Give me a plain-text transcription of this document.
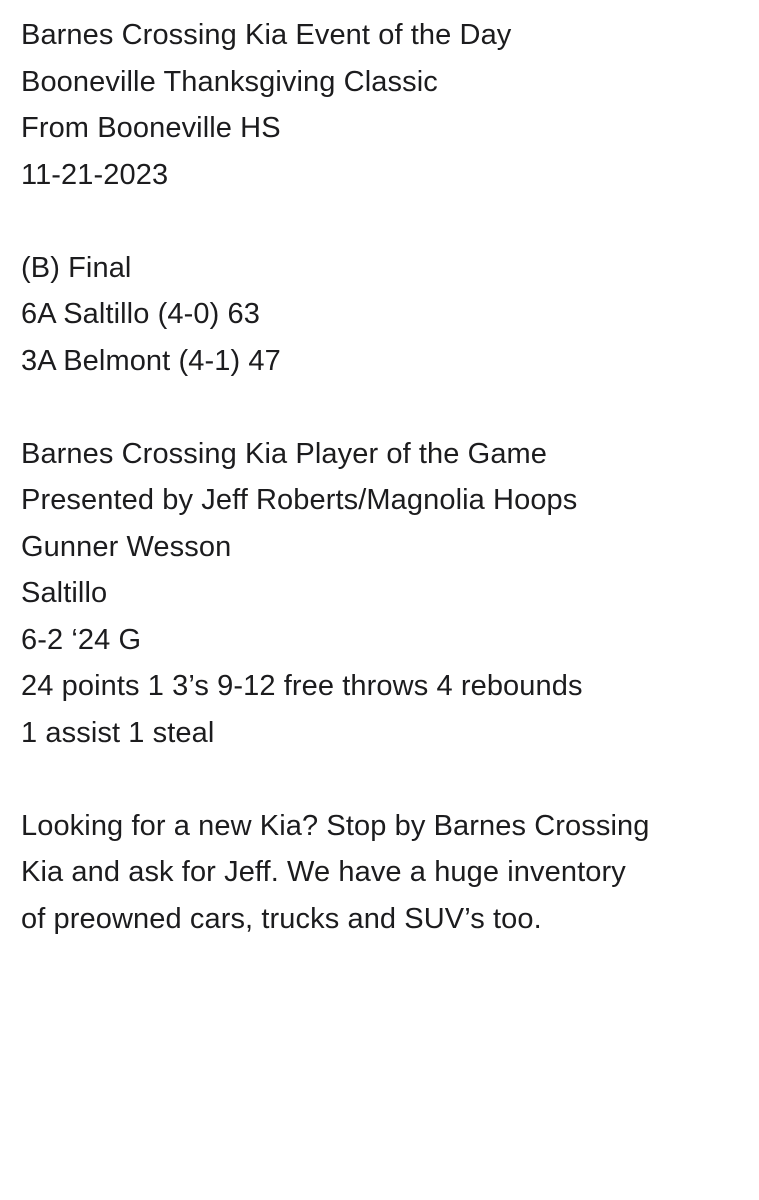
Barnes Crossing Kia Event of the Day
Booneville Thanksgiving Classic
From Booneville HS
11-21-2023
(B) Final
6A Saltillo (4-0) 63
3A Belmont (4-1) 47
Barnes Crossing Kia Player of the Game
Presented by Jeff Roberts/Magnolia Hoops
Gunner Wesson
Saltillo
6-2 ‘24 G
24 points 1 3’s 9-12 free throws 4 rebounds
1 assist 1 steal
Looking for a new Kia? Stop by Barnes Crossing
Kia and ask for Jeff. We have a huge inventory
of preowned cars, trucks and SUV’s too.
